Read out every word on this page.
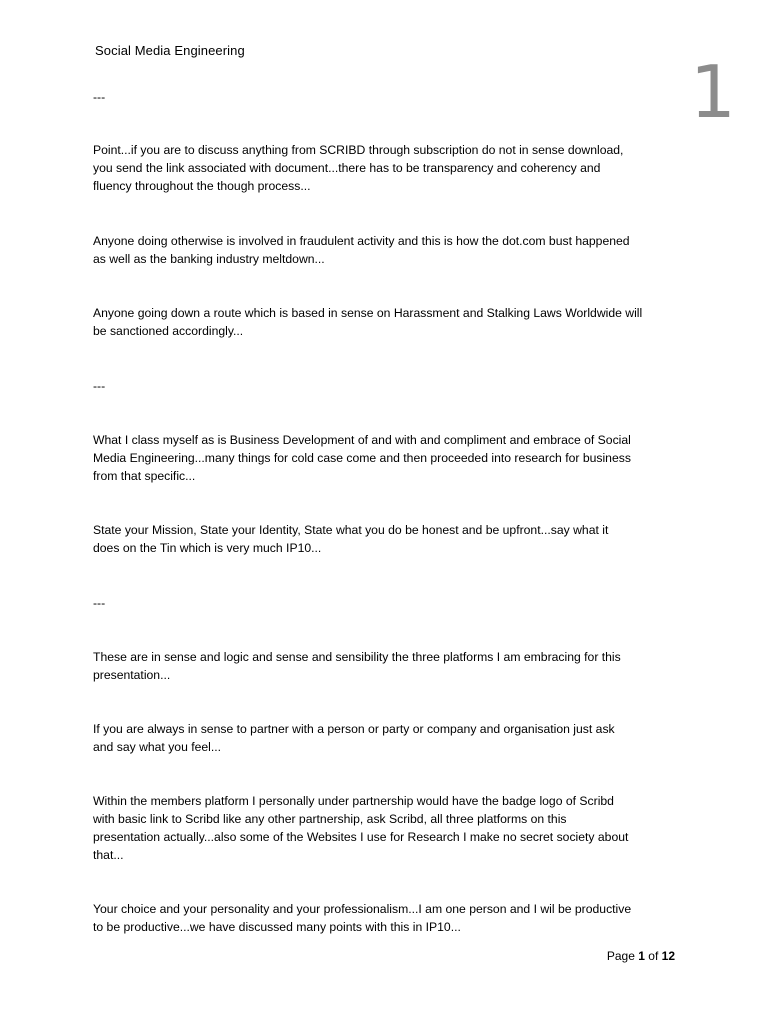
Social Media Engineering	1
---
Point...if you are to discuss anything from SCRIBD through subscription do not in sense download,
you send the link associated with document...there has to be transparency and coherency and
fluency throughout the though process...
Anyone doing otherwise is involved in fraudulent activity and this is how the dot.com bust happened
as well as the banking industry meltdown...
Anyone going down a route which is based in sense on Harassment and Stalking Laws Worldwide will
be sanctioned accordingly...
---
What I class myself as is Business Development of and with and compliment and embrace of Social
Media Engineering...many things for cold case come and then proceeded into research for business
from that specific...
State your Mission, State your Identity, State what you do be honest and be upfront...say what it
does on the Tin which is very much IP10...
---
These are in sense and logic and sense and sensibility the three platforms I am embracing for this
presentation...
If you are always in sense to partner with a person or party or company and organisation just ask
and say what you feel...
Within the members platform I personally under partnership would have the badge logo of Scribd
with basic link to Scribd like any other partnership, ask Scribd, all three platforms on this
presentation actually...also some of the Websites I use for Research I make no secret society about
that...
Your choice and your personality and your professionalism...I am one person and I wil be productive
to be productive...we have discussed many points with this in IP10...
Page 1 of 12
